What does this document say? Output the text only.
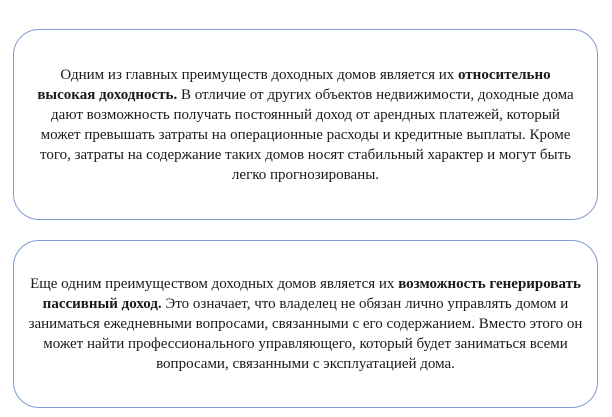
Одним из главных преимуществ доходных домов является их относительно высокая доходность. В отличие от других объектов недвижимости, доходные дома дают возможность получать постоянный доход от арендных платежей, который может превышать затраты на операционные расходы и кредитные выплаты. Кроме того, затраты на содержание таких домов носят стабильный характер и могут быть легко прогнозированы.

Еще одним преимуществом доходных домов является их возможность генерировать пассивный доход. Это означает, что владелец не обязан лично управлять домом и заниматься ежедневными вопросами, связанными с его содержанием. Вместо этого он может найти профессионального управляющего, который будет заниматься всеми вопросами, связанными с эксплуатацией дома.
